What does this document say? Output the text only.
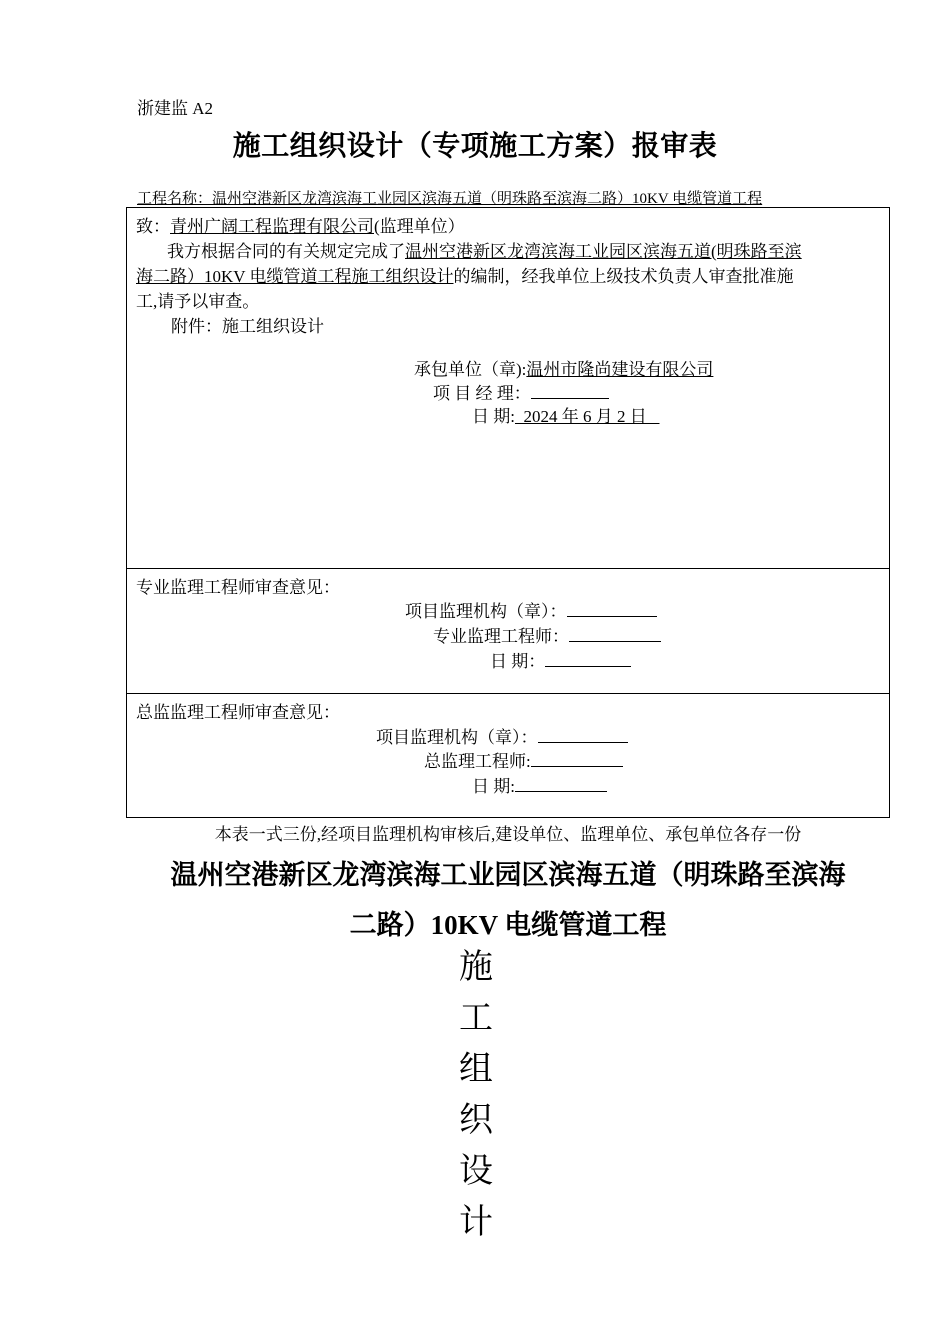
浙建监 A2
施工组织设计（专项施工方案）报审表
工程名称：温州空港新区龙湾滨海工业园区滨海五道（明珠路至滨海二路）10KV 电缆管道工程
致：青州广阔工程监理有限公司(监理单位）
我方根据合同的有关规定完成了温州空港新区龙湾滨海工业园区滨海五道(明珠路至滨
海二路）10KV 电缆管道工程施工组织设计的编制，经我单位上级技术负责人审查批准施
工,请予以审查。
附件：施工组织设计
承包单位（章):温州市隆尚建设有限公司
项 目 经 理：
日 期:  2024 年 6 月 2 日
专业监理工程师审查意见：
项目监理机构（章）：
专业监理工程师：
日 期：
总监监理工程师审查意见：
项目监理机构（章）：
总监理工程师:
日 期:
本表一式三份,经项目监理机构审核后,建设单位、监理单位、承包单位各存一份
温州空港新区龙湾滨海工业园区滨海五道（明珠路至滨海
二路）10KV 电缆管道工程
施
工
组
织
设
计
